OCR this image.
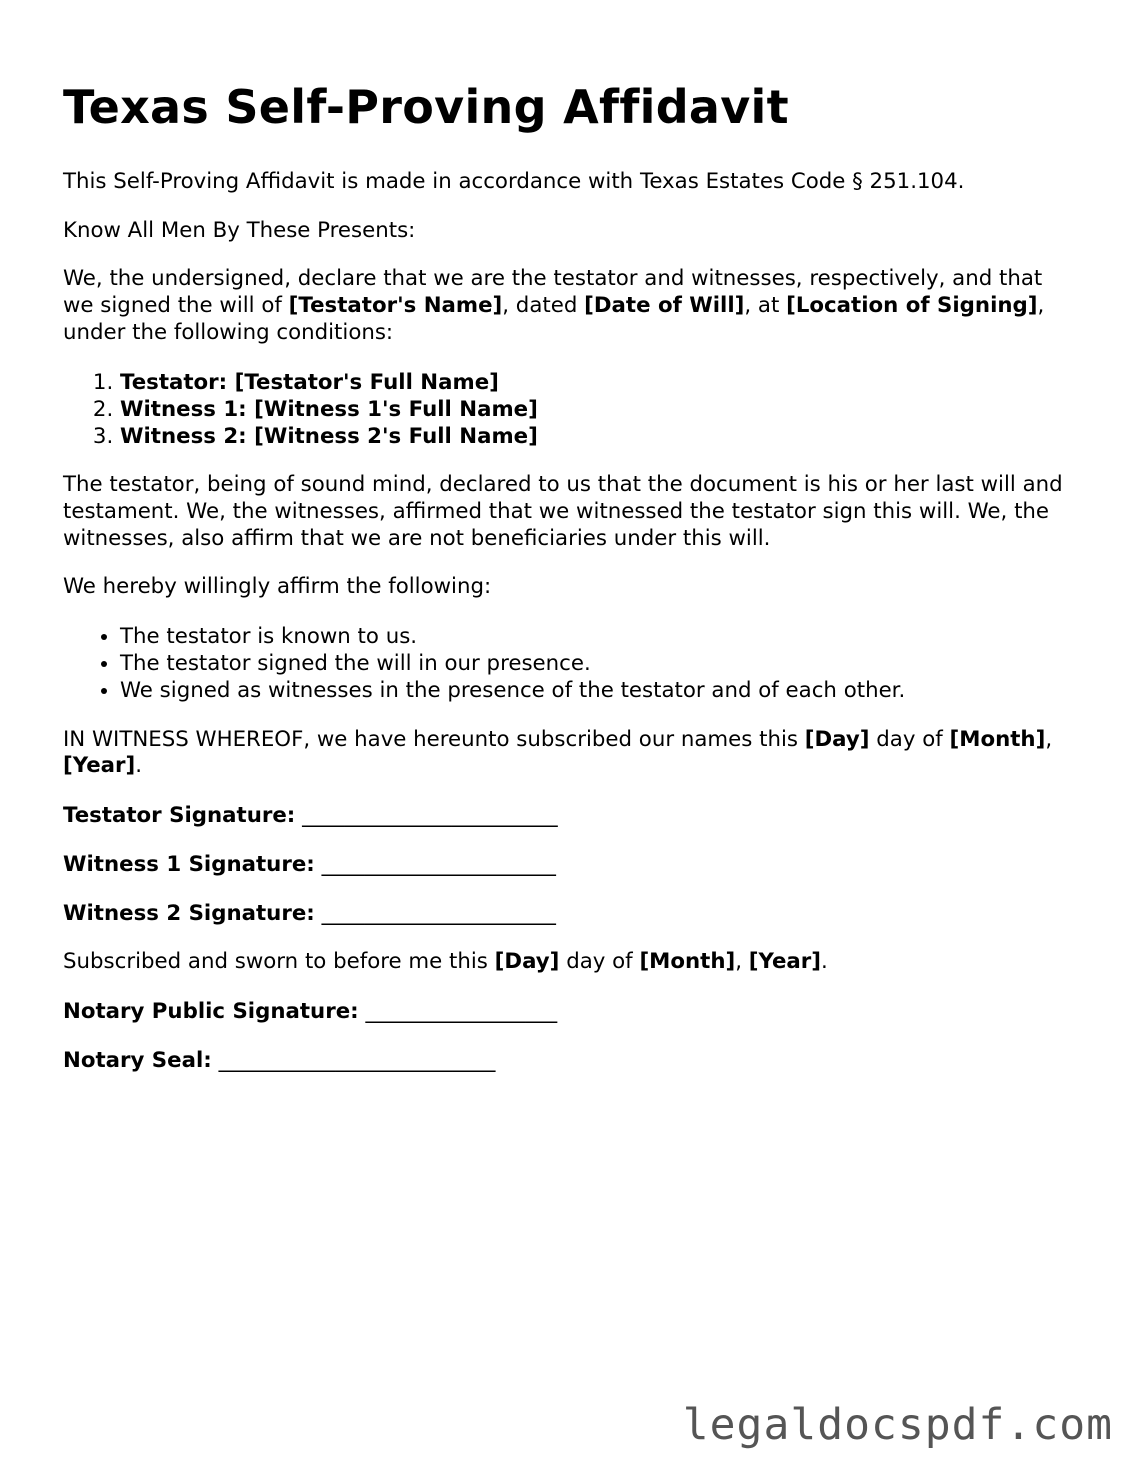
Texas Self-Proving Affidavit

This Self-Proving Affidavit is made in accordance with Texas Estates Code § 251.104.

Know All Men By These Presents:

We, the undersigned, declare that we are the testator and witnesses, respectively, and that we signed the will of [Testator's Name], dated [Date of Will], at [Location of Signing], under the following conditions:

1. Testator: [Testator's Full Name]
2. Witness 1: [Witness 1's Full Name]
3. Witness 2: [Witness 2's Full Name]

The testator, being of sound mind, declared to us that the document is his or her last will and testament. We, the witnesses, affirmed that we witnessed the testator sign this will. We, the witnesses, also affirm that we are not beneficiaries under this will.

We hereby willingly affirm the following:

• The testator is known to us.
• The testator signed the will in our presence.
• We signed as witnesses in the presence of the testator and of each other.

IN WITNESS WHEREOF, we have hereunto subscribed our names this [Day] day of [Month], [Year].

Testator Signature: ________________________

Witness 1 Signature: ______________________

Witness 2 Signature: ______________________

Subscribed and sworn to before me this [Day] day of [Month], [Year].

Notary Public Signature: __________________

Notary Seal: __________________________

legaldocspdf.com
